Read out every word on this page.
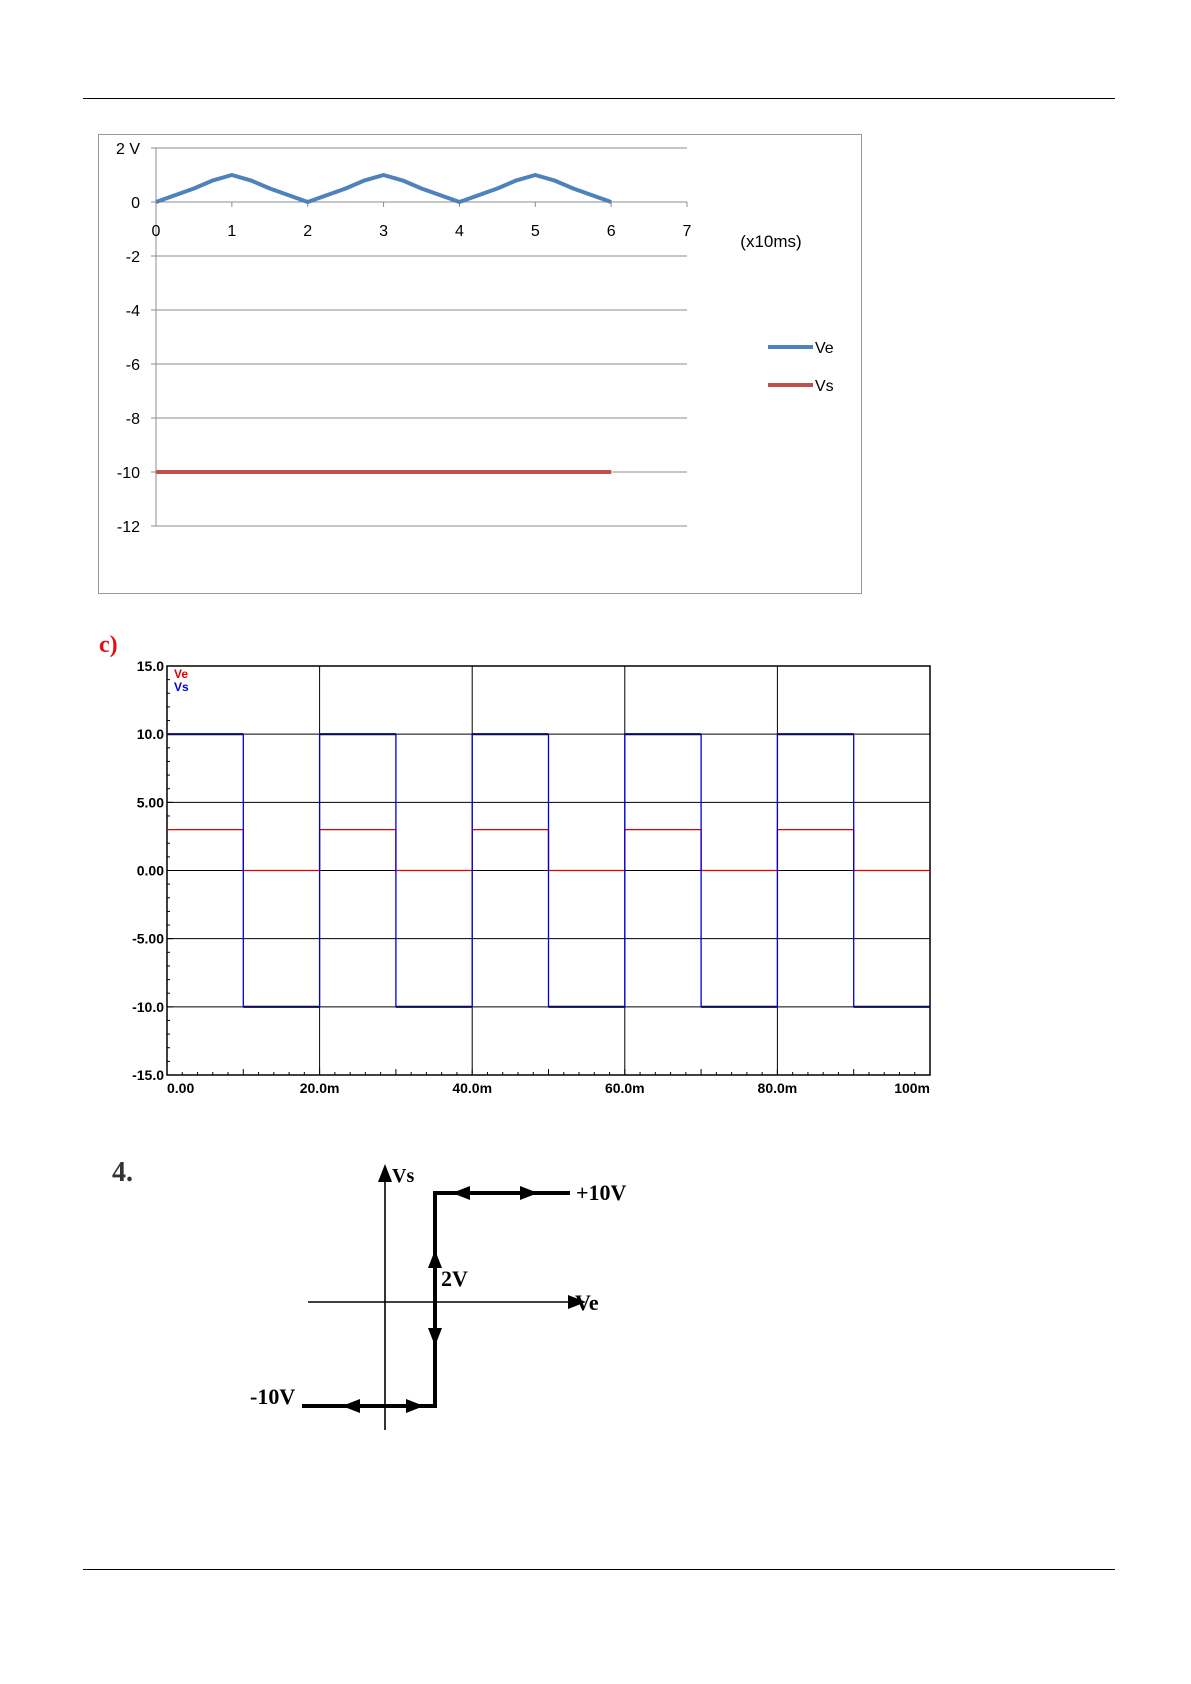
2 V
0
-2
-4
-6
-8
-10
-12
0	1	2	3	4	5	6	7
(x10ms)
Ve
Vs
c)
15.0
10.0
5.00
0.00
-5.00
-10.0
-15.0
0.00	20.0m	40.0m	60.0m	80.0m	100m
Ve
Vs
4.	Vs
Ve
+10V
-10V
2V
